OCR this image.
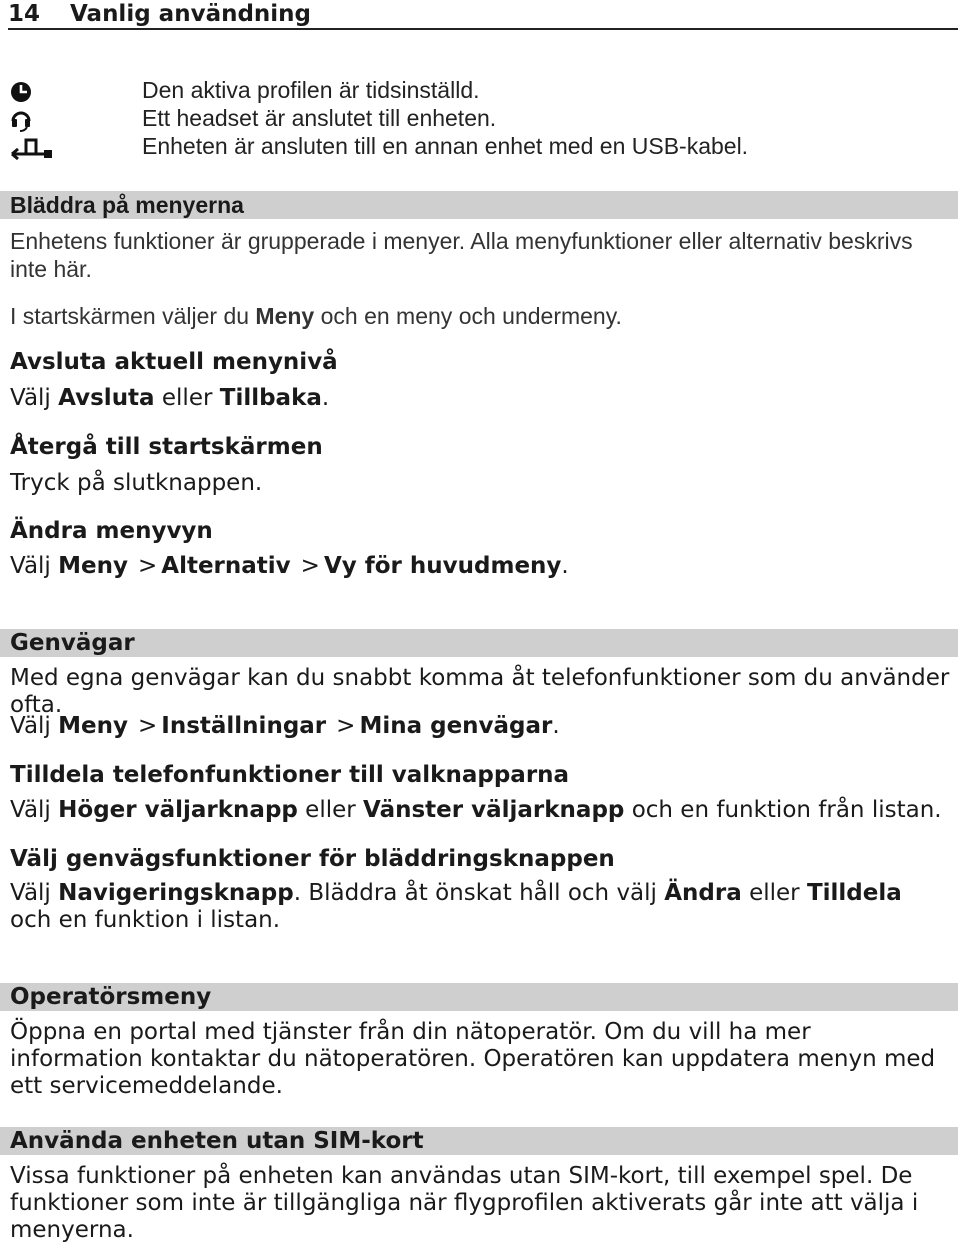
14 Vanlig användning
Den aktiva profilen är tidsinställd.
Ett headset är anslutet till enheten.
Enheten är ansluten till en annan enhet med en USB-kabel.
Bläddra på menyerna
Enhetens funktioner är grupperade i menyer. Alla menyfunktioner eller alternativ beskrivs inte här.
I startskärmen väljer du Meny och en meny och undermeny.
Avsluta aktuell menynivå
Välj Avsluta eller Tillbaka.
Återgå till startskärmen
Tryck på slutknappen.
Ändra menyvyn
Välj Meny > Alternativ > Vy för huvudmeny.
Genvägar
Med egna genvägar kan du snabbt komma åt telefonfunktioner som du använder ofta.
Välj Meny > Inställningar > Mina genvägar.
Tilldela telefonfunktioner till valknapparna
Välj Höger väljarknapp eller Vänster väljarknapp och en funktion från listan.
Välj genvägsfunktioner för bläddringsknappen
Välj Navigeringsknapp. Bläddra åt önskat håll och välj Ändra eller Tilldela och en funktion i listan.
Operatörsmeny
Öppna en portal med tjänster från din nätoperatör. Om du vill ha mer information kontaktar du nätoperatören. Operatören kan uppdatera menyn med ett servicemeddelande.
Använda enheten utan SIM-kort
Vissa funktioner på enheten kan användas utan SIM-kort, till exempel spel. De funktioner som inte är tillgängliga när flygprofilen aktiverats går inte att välja i menyerna.
